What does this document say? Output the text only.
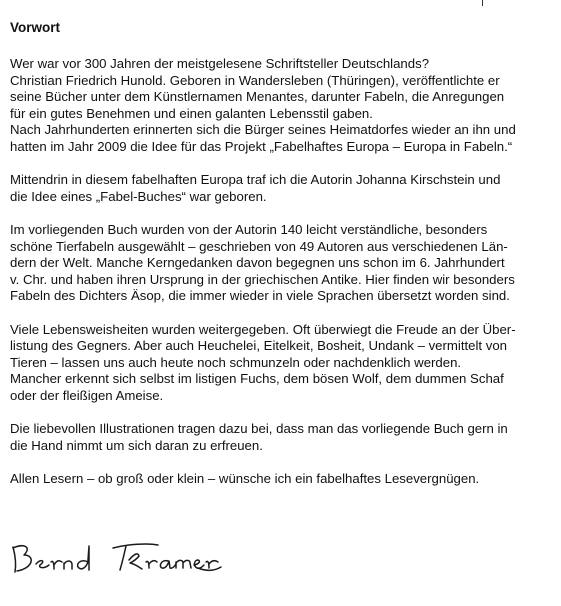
Vorwort

Wer war vor 300 Jahren der meistgelesene Schriftsteller Deutschlands?
Christian Friedrich Hunold. Geboren in Wandersleben (Thüringen), veröffentlichte er
seine Bücher unter dem Künstlernamen Menantes, darunter Fabeln, die Anregungen
für ein gutes Benehmen und einen galanten Lebensstil gaben.
Nach Jahrhunderten erinnerten sich die Bürger seines Heimatdorfes wieder an ihn und
hatten im Jahr 2009 die Idee für das Projekt „Fabelhaftes Europa – Europa in Fabeln.“

Mittendrin in diesem fabelhaften Europa traf ich die Autorin Johanna Kirschstein und
die Idee eines „Fabel-Buches“ war geboren.

Im vorliegenden Buch wurden von der Autorin 140 leicht verständliche, besonders
schöne Tierfabeln ausgewählt – geschrieben von 49 Autoren aus verschiedenen Län-
dern der Welt. Manche Kerngedanken davon begegnen uns schon im 6. Jahrhundert
v. Chr. und haben ihren Ursprung in der griechischen Antike. Hier finden wir besonders
Fabeln des Dichters Äsop, die immer wieder in viele Sprachen übersetzt worden sind.

Viele Lebensweisheiten wurden weitergegeben. Oft überwiegt die Freude an der Über-
listung des Gegners. Aber auch Heuchelei, Eitelkeit, Bosheit, Undank – vermittelt von
Tieren – lassen uns auch heute noch schmunzeln oder nachdenklich werden.
Mancher erkennt sich selbst im listigen Fuchs, dem bösen Wolf, dem dummen Schaf
oder der fleißigen Ameise.

Die liebevollen Illustrationen tragen dazu bei, dass man das vorliegende Buch gern in
die Hand nimmt um sich daran zu erfreuen.

Allen Lesern – ob groß oder klein – wünsche ich ein fabelhaftes Lesevergnügen.
